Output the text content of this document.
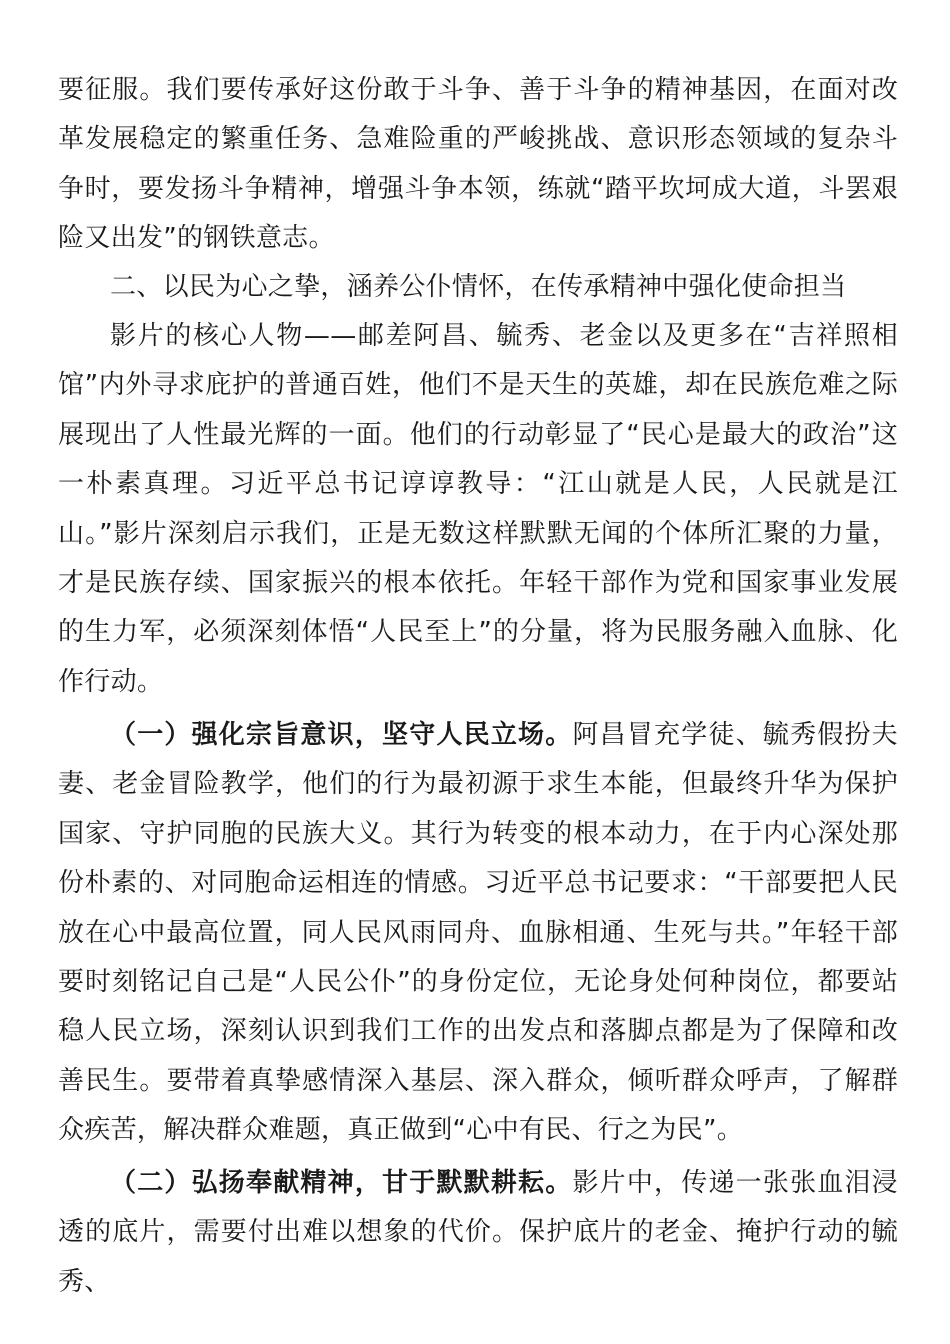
要征服。我们要传承好这份敢于斗争、善于斗争的精神基因，在面对改革发展稳定的繁重任务、急难险重的严峻挑战、意识形态领域的复杂斗争时，要发扬斗争精神，增强斗争本领，练就“踏平坎坷成大道，斗罢艰险又出发”的钢铁意志。

二、以民为心之挚，涵养公仆情怀，在传承精神中强化使命担当

影片的核心人物——邮差阿昌、毓秀、老金以及更多在“吉祥照相馆”内外寻求庇护的普通百姓，他们不是天生的英雄，却在民族危难之际展现出了人性最光辉的一面。他们的行动彰显了“民心是最大的政治”这一朴素真理。习近平总书记谆谆教导：“江山就是人民，人民就是江山。”影片深刻启示我们，正是无数这样默默无闻的个体所汇聚的力量，才是民族存续、国家振兴的根本依托。年轻干部作为党和国家事业发展的生力军，必须深刻体悟“人民至上”的分量，将为民服务融入血脉、化作行动。

（一）强化宗旨意识，坚守人民立场。阿昌冒充学徒、毓秀假扮夫妻、老金冒险教学，他们的行为最初源于求生本能，但最终升华为保护国家、守护同胞的民族大义。其行为转变的根本动力，在于内心深处那份朴素的、对同胞命运相连的情感。习近平总书记要求：“干部要把人民放在心中最高位置，同人民风雨同舟、血脉相通、生死与共。”年轻干部要时刻铭记自己是“人民公仆”的身份定位，无论身处何种岗位，都要站稳人民立场，深刻认识到我们工作的出发点和落脚点都是为了保障和改善民生。要带着真挚感情深入基层、深入群众，倾听群众呼声，了解群众疾苦，解决群众难题，真正做到“心中有民、行之为民”。

（二）弘扬奉献精神，甘于默默耕耘。影片中，传递一张张血泪浸透的底片，需要付出难以想象的代价。保护底片的老金、掩护行动的毓秀、
